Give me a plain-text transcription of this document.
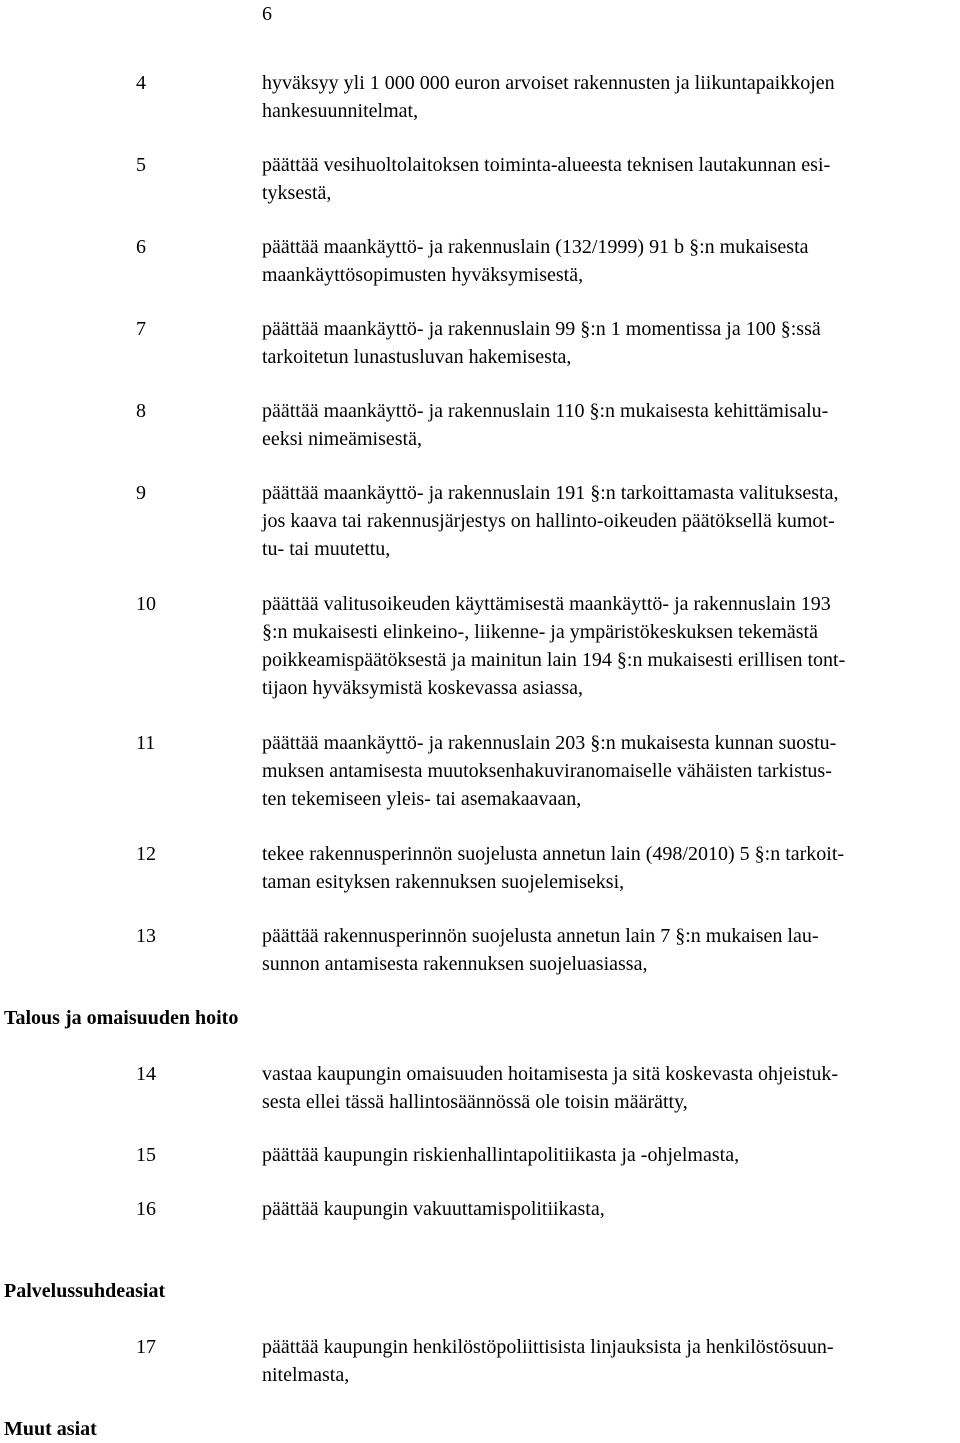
6
4	hyväksyy yli 1 000 000 euron arvoiset rakennusten ja liikuntapaikkojen
hankesuunnitelmat,
5	päättää vesihuoltolaitoksen toiminta-alueesta teknisen lautakunnan esi-
tyksestä,
6	päättää maankäyttö- ja rakennuslain (132/1999) 91 b §:n mukaisesta
maankäyttösopimusten hyväksymisestä,
7	päättää maankäyttö- ja rakennuslain 99 §:n 1 momentissa ja 100 §:ssä
tarkoitetun lunastusluvan hakemisesta,
8	päättää maankäyttö- ja rakennuslain 110 §:n mukaisesta kehittämisalu-
eeksi nimeämisestä,
9	päättää maankäyttö- ja rakennuslain 191 §:n tarkoittamasta valituksesta,
jos kaava tai rakennusjärjestys on hallinto-oikeuden päätöksellä kumot-
tu- tai muutettu,
10	päättää valitusoikeuden käyttämisestä maankäyttö- ja rakennuslain 193
§:n mukaisesti elinkeino-, liikenne- ja ympäristökeskuksen tekemästä
poikkeamispäätöksestä ja mainitun lain 194 §:n mukaisesti erillisen tont-
tijaon hyväksymistä koskevassa asiassa,
11	päättää maankäyttö- ja rakennuslain 203 §:n mukaisesta kunnan suostu-
muksen antamisesta muutoksenhakuviranomaiselle vähäisten tarkistus-
ten tekemiseen yleis- tai asemakaavaan,
12	tekee rakennusperinnön suojelusta annetun lain (498/2010) 5 §:n tarkoit-
taman esityksen rakennuksen suojelemiseksi,
13	päättää rakennusperinnön suojelusta annetun lain 7 §:n mukaisen lau-
sunnon antamisesta rakennuksen suojeluasiassa,
Talous ja omaisuuden hoito
14	vastaa kaupungin omaisuuden hoitamisesta ja sitä koskevasta ohjeistuk-
sesta ellei tässä hallintosäännössä ole toisin määrätty,
15	päättää kaupungin riskienhallintapolitiikasta ja -ohjelmasta,
16	päättää kaupungin vakuuttamispolitiikasta,
Palvelussuhdeasiat
17	päättää kaupungin henkilöstöpoliittisista linjauksista ja henkilöstösuun-
nitelmasta,
Muut asiat
